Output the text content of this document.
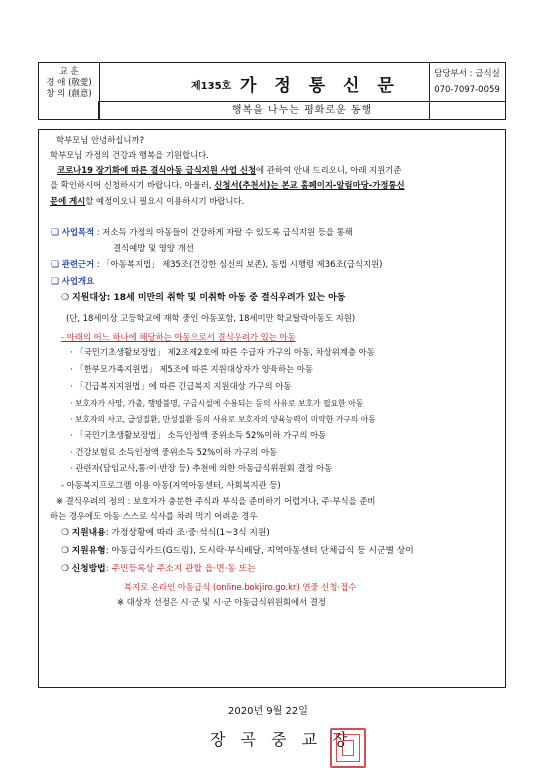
교 훈
경 애 (敬愛)
창 의 (創意)
제135호 가 정 통 신 문
담당부서 : 급식실
070-7097-0059
행복을 나누는 평화로운 동행
학부모님 안녕하십니까?
학부모님 가정의 건강과 행복을 기원합니다.
코로나19 장기화에 따른 결식아동 급식지원 사업 신청에 관하여 안내 드리오니, 아래 지원기준
을 확인하시어 신청하시기 바랍니다. 아울러, 신청서(추천서)는 본교 홈페이지-알림마당-가정통신
문에 게시할 예정이오니 필요시 이용하시기 바랍니다.
❑ 사업목적 : 저소득 가정의 아동들이 건강하게 자랄 수 있도록 급식지원 등을 통해
결식예방 및 영양 개선
❑ 관련근거 : 「아동복지법」 제35조(건강한 심신의 보존), 동법 시행령 제36조(급식지원)
❑ 사업개요
❍ 지원대상: 18세 미만의 취학 및 미취학 아동 중 결식우려가 있는 아동
(단, 18세이상 고등학교에 재학 중인 아동포함, 18세미만 학교탈락아동도 지원)
- 아래의 어느 하나에 해당하는 아동으로서 결식우려가 있는 아동
· 「국민기초생활보장법」 제2조제2호에 따른 수급자 가구의 아동, 차상위계층 아동
· 「한부모가족지원법」 제5조에 따른 지원대상자가 양육하는 아동
· 「긴급복지지원법」에 따른 긴급복지 지원대상 가구의 아동
· 보호자가 사망, 가출, 행방불명, 구금시설에 수용되는 등의 사유로 보호가 필요한 아동
· 보호자의 사고, 급성질환, 만성질환 등의 사유로 보호자의 양육능력이 미약한 가구의 아동
· 「국민기초생활보장법」 소득인정액 중위소득 52%이하 가구의 아동
· 건강보험료 소득인정액 중위소득 52%이하 가구의 아동
· 관련자(담임교사,통·이·반장 등) 추천에 의한 아동급식위원회 결정 아동
- 아동복지프로그램 이용 아동(지역아동센터, 사회복지관 등)
※ 결식우려의 정의 : 보호자가 충분한 주식과 부식을 준비하기 어렵거나, 주·부식을 준비
하는 경우에도 아동 스스로 식사를 차려 먹기 어려운 경우
❍ 지원내용: 가정상황에 따라 조·중·석식(1~3식 지원)
❍ 지원유형: 아동급식카드(G드림), 도시락·부식배달, 지역아동센터 단체급식 등 시군별 상이
❍ 신청방법: 주민등록상 주소지 관할 읍·면·동 또는
복지로 온라인 아동급식 (online.bokjiro.go.kr) 연중 신청·접수
※ 대상자 선정은 시·군 및 시·군 아동급식위원회에서 결정
2020년 9월 22일
장 곡 중 교 장
